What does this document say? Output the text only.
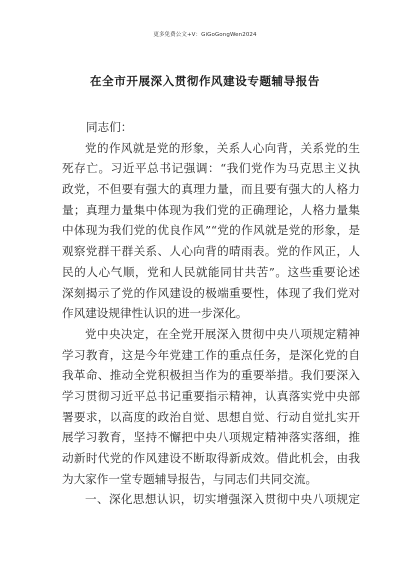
更多免费公文+V：GiGoGongWen2024
在全市开展深入贯彻作风建设专题辅导报告
同志们：
党的作风就是党的形象，关系人心向背，关系党的生
死存亡。习近平总书记强调：“我们党作为马克思主义执
政党，不但要有强大的真理力量，而且要有强大的人格力
量；真理力量集中体现为我们党的正确理论，人格力量集
中体现为我们党的优良作风”“党的作风就是党的形象，是
观察党群干群关系、人心向背的晴雨表。党的作风正，人
民的人心气顺，党和人民就能同甘共苦”。这些重要论述
深刻揭示了党的作风建设的极端重要性，体现了我们党对
作风建设规律性认识的进一步深化。
党中央决定，在全党开展深入贯彻中央八项规定精神
学习教育，这是今年党建工作的重点任务，是深化党的自
我革命、推动全党积极担当作为的重要举措。我们要深入
学习贯彻习近平总书记重要指示精神，认真落实党中央部
署要求，以高度的政治自觉、思想自觉、行动自觉扎实开
展学习教育，坚持不懈把中央八项规定精神落实落细，推
动新时代党的作风建设不断取得新成效。借此机会，由我
为大家作一堂专题辅导报告，与同志们共同交流。
一、深化思想认识，切实增强深入贯彻中央八项规定
